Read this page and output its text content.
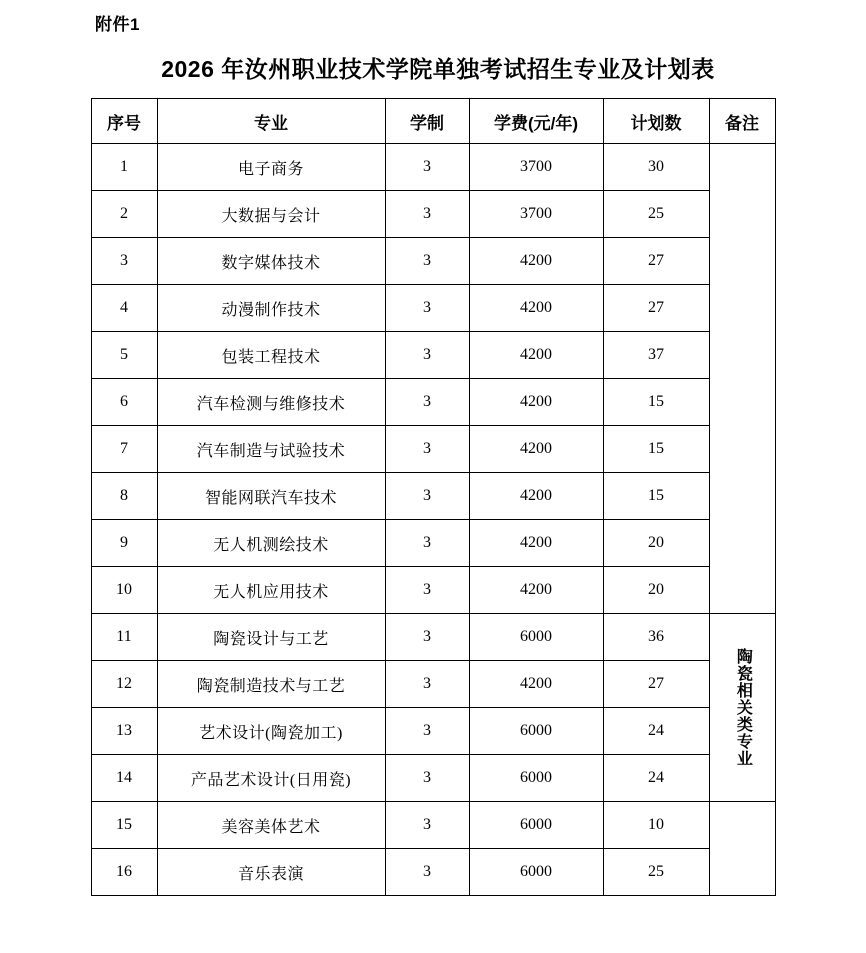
附件1
2026 年汝州职业技术学院单独考试招生专业及计划表
序号	专业	学制	学费(元/年)	计划数	备注
1	电子商务	3	3700	30	
2	大数据与会计	3	3700	25	
3	数字媒体技术	3	4200	27	
4	动漫制作技术	3	4200	27	
5	包装工程技术	3	4200	37	
6	汽车检测与维修技术	3	4200	15	
7	汽车制造与试验技术	3	4200	15	
8	智能网联汽车技术	3	4200	15	
9	无人机测绘技术	3	4200	20	
10	无人机应用技术	3	4200	20	
11	陶瓷设计与工艺	3	6000	36	陶瓷相关类专业
12	陶瓷制造技术与工艺	3	4200	27	
13	艺术设计(陶瓷加工)	3	6000	24	
14	产品艺术设计(日用瓷)	3	6000	24	
15	美容美体艺术	3	6000	10	
16	音乐表演	3	6000	25	
